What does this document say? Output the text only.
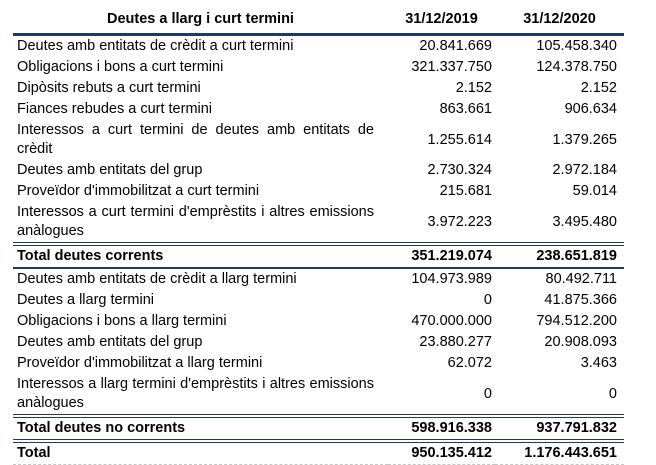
Deutes a llarg i curt termini	31/12/2019	31/12/2020
Deutes amb entitats de crèdit a curt termini	20.841.669	105.458.340
Obligacions i bons a curt termini	321.337.750	124.378.750
Dipòsits rebuts a curt termini	2.152	2.152
Fiances rebudes a curt termini	863.661	906.634
Interessos a curt termini de deutes amb entitats de crèdit	1.255.614	1.379.265
Deutes amb entitats del grup	2.730.324	2.972.184
Proveïdor d'immobilitzat a curt termini	215.681	59.014
Interessos a curt termini d'emprèstits i altres emissions anàlogues	3.972.223	3.495.480
Total deutes corrents	351.219.074	238.651.819
Deutes amb entitats de crèdit a llarg termini	104.973.989	80.492.711
Deutes a llarg termini	0	41.875.366
Obligacions i bons a llarg termini	470.000.000	794.512.200
Deutes amb entitats del grup	23.880.277	20.908.093
Proveïdor d'immobilitzat a llarg termini	62.072	3.463
Interessos a llarg termini d'emprèstits i altres emissions anàlogues	0	0
Total deutes no corrents	598.916.338	937.791.832
Total	950.135.412	1.176.443.651
